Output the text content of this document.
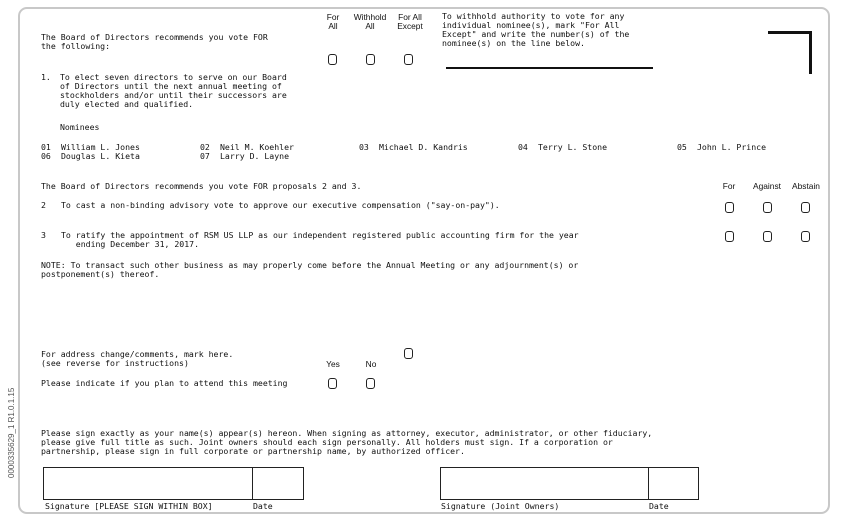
0000335629_1 R1.0.1.15
The Board of Directors recommends you vote FOR
the following:
For
All
Withhold
All
For All
Except
To withhold authority to vote for any
individual nominee(s), mark "For All
Except" and write the number(s) of the
nominee(s) on the line below.
1. To elect seven directors to serve on our Board
of Directors until the next annual meeting of
stockholders and/or until their successors are
duly elected and qualified.
Nominees
01 William L. Jones	02 Neil M. Koehler	03 Michael D. Kandris	04 Terry L. Stone	05 John L. Prince
06 Douglas L. Kieta	07 Larry D. Layne
The Board of Directors recommends you vote FOR proposals 2 and 3.	For	Against	Abstain
2 To cast a non-binding advisory vote to approve our executive compensation ("say-on-pay").
3 To ratify the appointment of RSM US LLP as our independent registered public accounting firm for the year
ending December 31, 2017.
NOTE: To transact such other business as may properly come before the Annual Meeting or any adjournment(s) or
postponement(s) thereof.
For address change/comments, mark here.
(see reverse for instructions)	Yes	No
Please indicate if you plan to attend this meeting
Please sign exactly as your name(s) appear(s) hereon. When signing as attorney, executor, administrator, or other fiduciary,
please give full title as such. Joint owners should each sign personally. All holders must sign. If a corporation or
partnership, please sign in full corporate or partnership name, by authorized officer.
Signature [PLEASE SIGN WITHIN BOX]	Date	Signature (Joint Owners)	Date
